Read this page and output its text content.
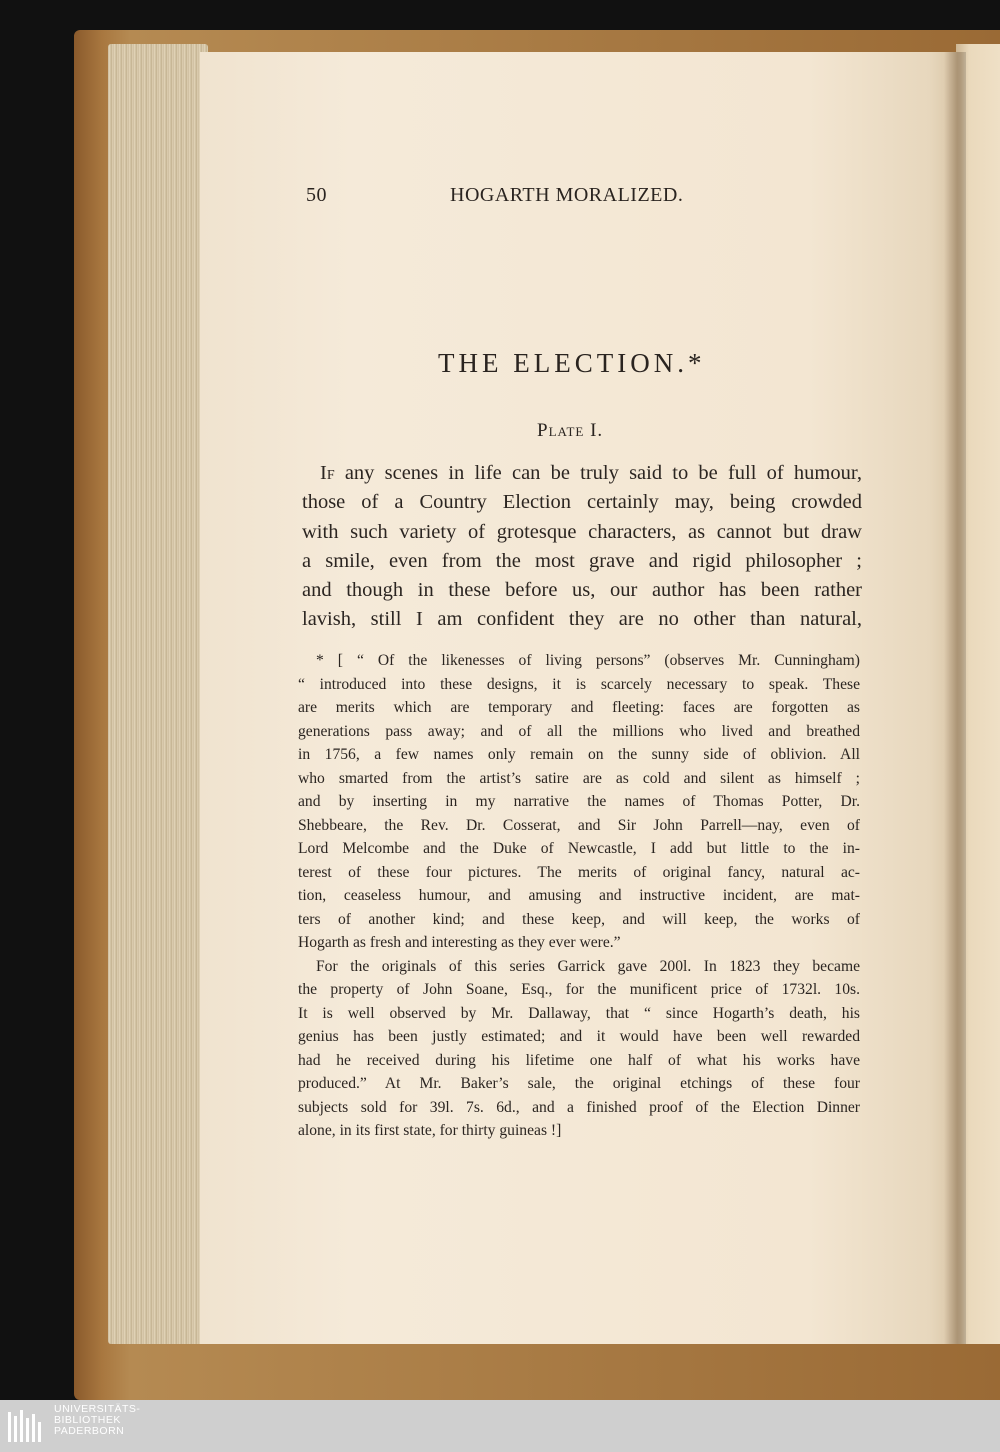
50	HOGARTH MORALIZED.
THE ELECTION.*
Plate I.
If any scenes in life can be truly said to be full of humour,
those of a Country Election certainly may, being crowded
with such variety of grotesque characters, as cannot but draw
a smile, even from the most grave and rigid philosopher ;
and though in these before us, our author has been rather
lavish, still I am confident they are no other than natural,
* [ “ Of the likenesses of living persons” (observes Mr. Cunningham)
“ introduced into these designs, it is scarcely necessary to speak. These
are merits which are temporary and fleeting: faces are forgotten as
generations pass away; and of all the millions who lived and breathed
in 1756, a few names only remain on the sunny side of oblivion. All
who smarted from the artist’s satire are as cold and silent as himself ;
and by inserting in my narrative the names of Thomas Potter, Dr.
Shebbeare, the Rev. Dr. Cosserat, and Sir John Parrell—nay, even of
Lord Melcombe and the Duke of Newcastle, I add but little to the in-
terest of these four pictures. The merits of original fancy, natural ac-
tion, ceaseless humour, and amusing and instructive incident, are mat-
ters of another kind; and these keep, and will keep, the works of
Hogarth as fresh and interesting as they ever were.”
For the originals of this series Garrick gave 200l. In 1823 they became
the property of John Soane, Esq., for the munificent price of 1732l. 10s.
It is well observed by Mr. Dallaway, that “ since Hogarth’s death, his
genius has been justly estimated; and it would have been well rewarded
had he received during his lifetime one half of what his works have
produced.” At Mr. Baker’s sale, the original etchings of these four
subjects sold for 39l. 7s. 6d., and a finished proof of the Election Dinner
alone, in its first state, for thirty guineas !]
UNIVERSITÄTS-
BIBLIOTHEK
PADERBORN
